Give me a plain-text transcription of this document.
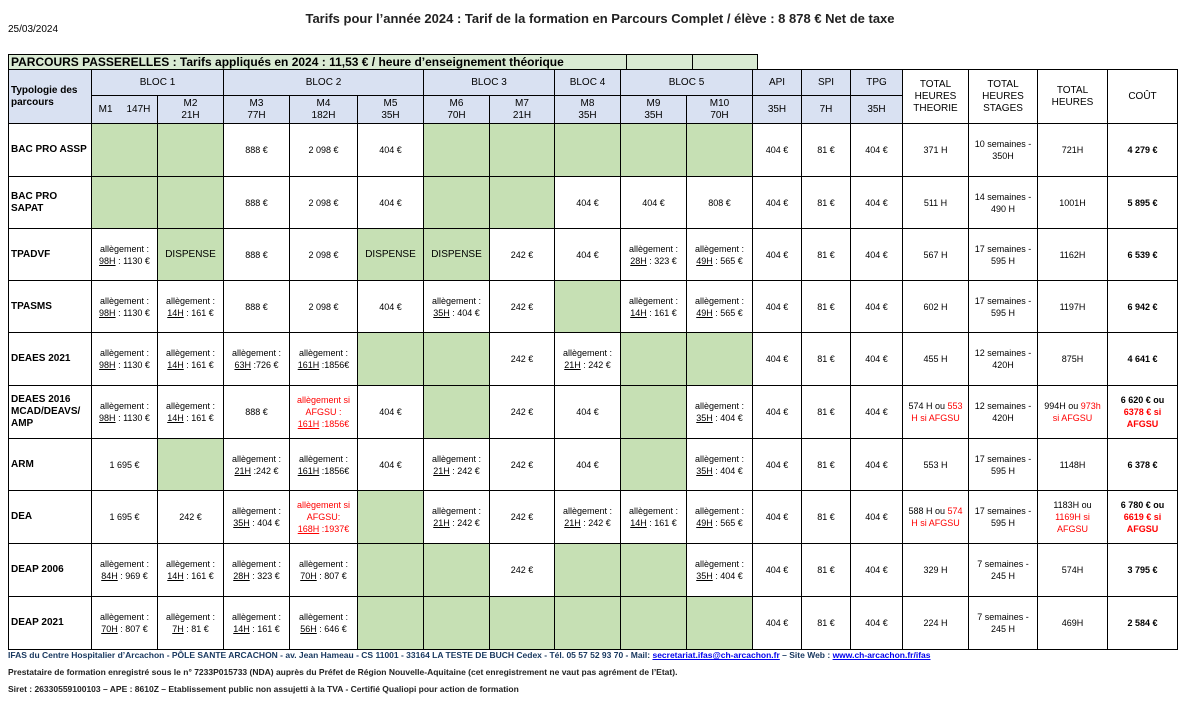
25/03/2024
Tarifs pour l’année 2024 : Tarif de la formation en Parcours Complet / élève : 8 878 € Net de taxe
PARCOURS PASSERELLES : Tarifs appliqués en 2024 : 11,53 € / heure d’enseignement théorique
Typologie des parcours	BLOC 1		BLOC 2			BLOC 3		BLOC 4	BLOC 5		API	SPI	TPG	TOTAL HEURES THEORIE	TOTAL HEURES STAGES	TOTAL HEURES	COÛT
	M1 147H	M2
21H	M3
77H	M4
182H	M5
35H	M6
70H	M7
21H	M8
35H	M9
35H	M10
70H	35H	7H	35H				
BAC PRO ASSP			888 €	2 098 €	404 €						404 €	81 €	404 €	371 H	10 semaines - 350H	721H	4 279 €
BAC PRO SAPAT			888 €	2 098 €	404 €			404 €	404 €	808 €	404 €	81 €	404 €	511 H	14 semaines - 490 H	1001H	5 895 €
TPADVF	allègement :
98H : 1130 €	DISPENSE	888 €	2 098 €	DISPENSE	DISPENSE	242 €	404 €	allègement :
28H : 323 €	allègement :
49H : 565 €	404 €	81 €	404 €	567 H	17 semaines - 595 H	1162H	6 539 €
TPASMS	allègement :
98H : 1130 €	allègement :
14H : 161 €	888 €	2 098 €	404 €	allègement :
35H : 404 €	242 €		allègement :
14H : 161 €	allègement :
49H : 565 €	404 €	81 €	404 €	602 H	17 semaines - 595 H	1197H	6 942 €
DEAES 2021	allègement :
98H : 1130 €	allègement :
14H : 161 €	allègement :
63H :726 €	allègement :
161H :1856€			242 €	allègement :
21H : 242 €			404 €	81 €	404 €	455 H	12 semaines - 420H	875H	4 641 €
DEAES 2016 MCAD/DEAVS/ AMP	allègement :
98H : 1130 €	allègement :
14H : 161 €	888 €	allègement si AFGSU :
161H :1856€	404 €		242 €	404 €		allègement :
35H : 404 €	404 €	81 €	404 €	574 H ou 553 H si AFGSU	12 semaines - 420H	994H ou 973h si AFGSU	6 620 € ou
6378 € si AFGSU
ARM	1 695 €		allègement :
21H :242 €	allègement :
161H :1856€	404 €	allègement :
21H : 242 €	242 €	404 €		allègement :
35H : 404 €	404 €	81 €	404 €	553 H	17 semaines - 595 H	1148H	6 378 €
DEA	1 695 €	242 €	allègement :
35H : 404 €	allègement si AFGSU:
168H :1937€		allègement :
21H : 242 €	242 €	allègement :
21H : 242 €	allègement :
14H : 161 €	allègement :
49H : 565 €	404 €	81 €	404 €	588 H ou 574 H si AFGSU	17 semaines - 595 H	1183H ou 1169H si AFGSU	6 780 € ou
6619 € si AFGSU
DEAP 2006	allègement :
84H : 969 €	allègement :
14H : 161 €	allègement :
28H : 323 €	allègement :
70H : 807 €			242 €			allègement :
35H : 404 €	404 €	81 €	404 €	329 H	7 semaines - 245 H	574H	3 795 €
DEAP 2021	allègement :
70H : 807 €	allègement :
7H : 81 €	allègement :
14H : 161 €	allègement :
56H : 646 €							404 €	81 €	404 €	224 H	7 semaines - 245 H	469H	2 584 €
IFAS du Centre Hospitalier d’Arcachon - PÔLE SANTE ARCACHON - av. Jean Hameau - CS 11001 - 33164 LA TESTE DE BUCH Cedex - Tél. 05 57 52 93 70 - Mail: secretariat.ifas@ch-arcachon.fr – Site Web : www.ch-arcachon.fr/ifas
Prestataire de formation enregistré sous le n° 7233P015733 (NDA) auprès du Préfet de Région Nouvelle-Aquitaine (cet enregistrement ne vaut pas agrément de l’Etat).
Siret : 26330559100103 – APE : 8610Z – Etablissement public non assujetti à la TVA - Certifié Qualiopi pour action de formation
